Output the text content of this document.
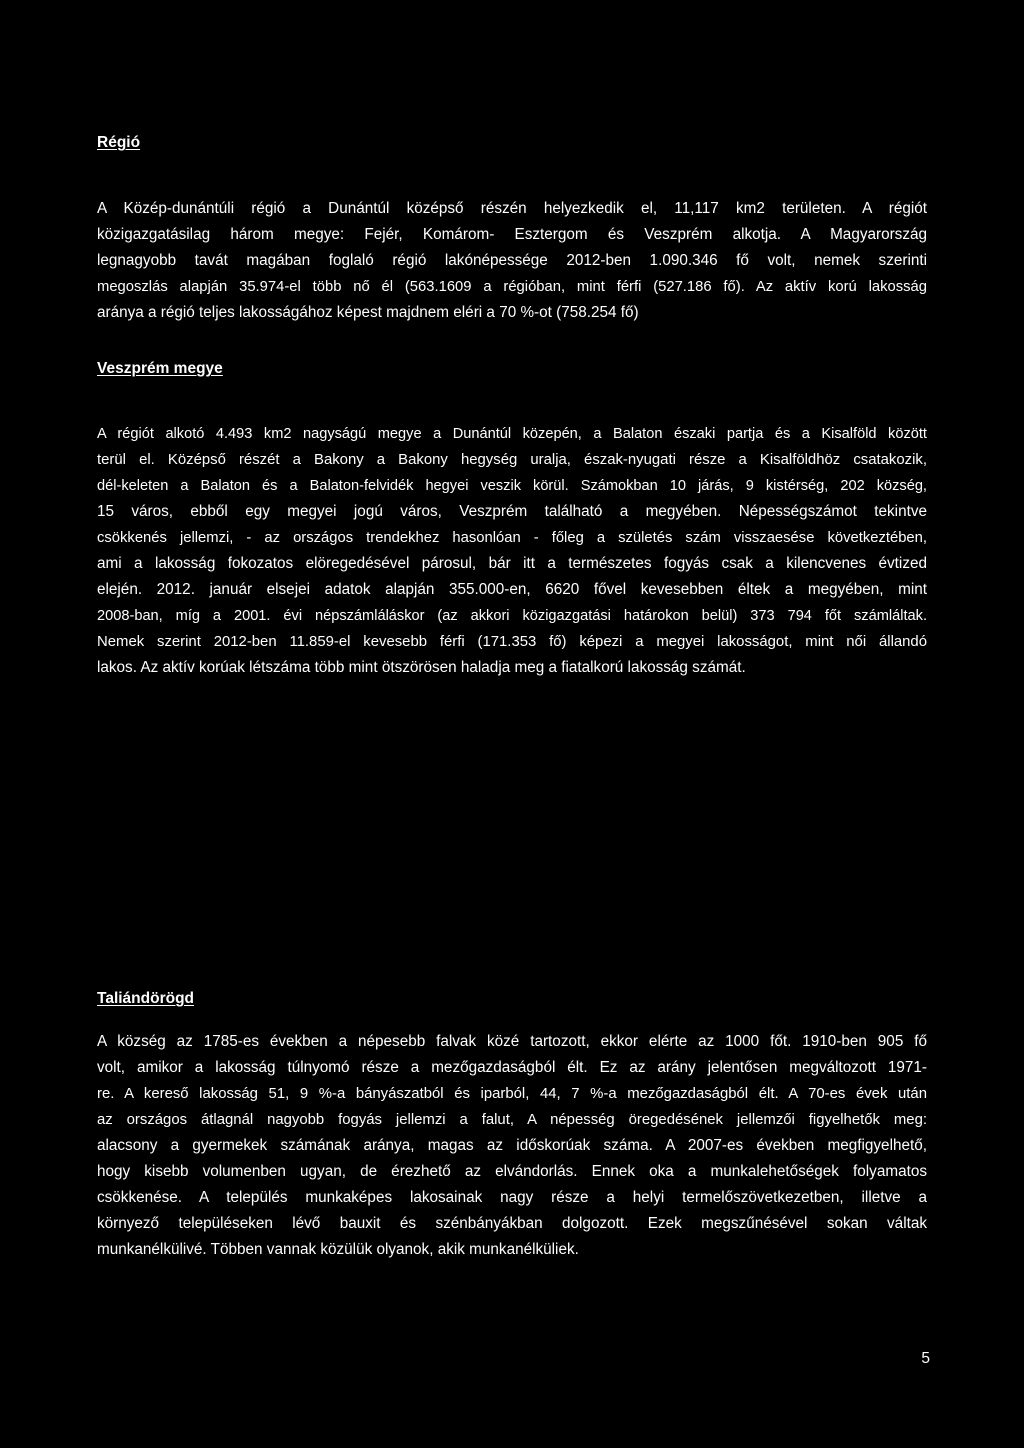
Régió
A Közép-dunántúli régió a Dunántúl középső részén helyezkedik el, 11,117 km2 területen. A régiót
közigazgatásilag három megye: Fejér, Komárom- Esztergom és Veszprém alkotja. A Magyarország
legnagyobb tavát magában foglaló régió lakónépessége 2012-ben 1.090.346 fő volt, nemek szerinti
megoszlás alapján 35.974-el több nő él (563.1609 a régióban, mint férfi (527.186 fő). Az aktív korú lakosság
aránya a régió teljes lakosságához képest majdnem eléri a 70 %-ot (758.254 fő)
Veszprém megye
A régiót alkotó 4.493 km2 nagyságú megye a Dunántúl közepén, a Balaton északi partja és a Kisalföld között
terül el. Középső részét a Bakony a Bakony hegység uralja, észak-nyugati része a Kisalföldhöz csatakozik,
dél-keleten a Balaton és a Balaton-felvidék hegyei veszik körül. Számokban 10 járás, 9 kistérség, 202 község,
15 város, ebből egy megyei jogú város, Veszprém található a megyében. Népességszámot tekintve
csökkenés jellemzi, - az országos trendekhez hasonlóan - főleg a születés szám visszaesése következtében,
ami a lakosság fokozatos elöregedésével párosul, bár itt a természetes fogyás csak a kilencvenes évtized
elején. 2012. január elsejei adatok alapján 355.000-en, 6620 fővel kevesebben éltek a megyében, mint
2008-ban, míg a 2001. évi népszámláláskor (az akkori közigazgatási határokon belül) 373 794 főt számláltak.
Nemek szerint 2012-ben 11.859-el kevesebb férfi (171.353 fő) képezi a megyei lakosságot, mint női állandó
lakos. Az aktív korúak létszáma több mint ötszörösen haladja meg a fiatalkorú lakosság számát.
Taliándörögd
A község az 1785-es években a népesebb falvak közé tartozott, ekkor elérte az 1000 főt. 1910-ben 905 fő
volt, amikor a lakosság túlnyomó része a mezőgazdaságból élt. Ez az arány jelentősen megváltozott 1971-
re. A kereső lakosság 51, 9 %-a bányászatból és iparból, 44, 7 %-a mezőgazdaságból élt. A 70-es évek után
az országos átlagnál nagyobb fogyás jellemzi a falut, A népesség öregedésének jellemzői figyelhetők meg:
alacsony a gyermekek számának aránya, magas az időskorúak száma. A 2007-es években megfigyelhető,
hogy kisebb volumenben ugyan, de érezhető az elvándorlás. Ennek oka a munkalehetőségek folyamatos
csökkenése. A település munkaképes lakosainak nagy része a helyi termelőszövetkezetben, illetve a
környező településeken lévő bauxit és szénbányákban dolgozott. Ezek megszűnésével sokan váltak
munkanélkülivé. Többen vannak közülük olyanok, akik munkanélküliek.
5
